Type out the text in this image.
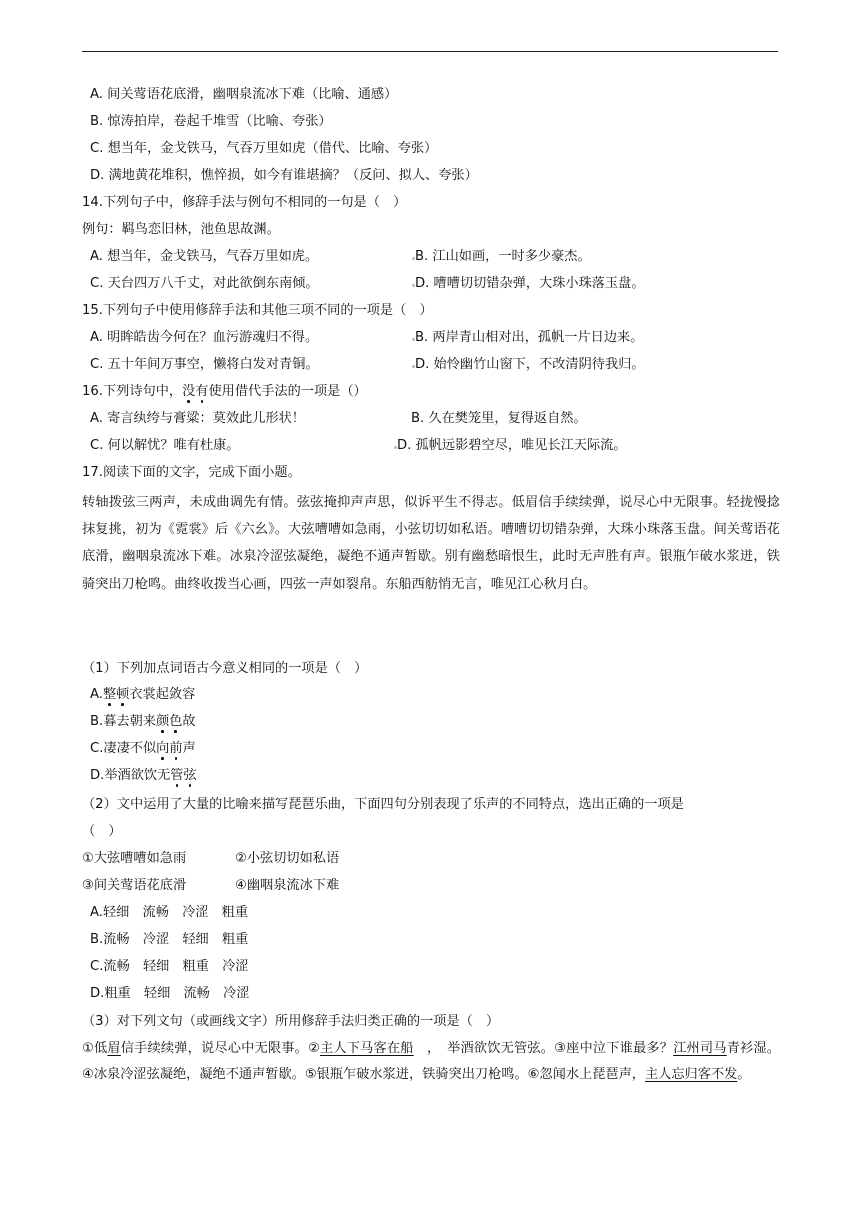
A. 间关莺语花底滑，幽咽泉流冰下难（比喻、通感）
B. 惊涛拍岸，卷起千堆雪（比喻、夸张）
C. 想当年，金戈铁马，气吞万里如虎（借代、比喻、夸张）
D. 满地黄花堆积，憔悴损，如今有谁堪摘？（反问、拟人、夸张）
14.下列句子中，修辞手法与例句不相同的一句是（　）
例句：羁鸟恋旧林，池鱼思故渊。
A. 想当年，金戈铁马，气吞万里如虎。	B. 江山如画，一时多少豪杰。
C. 天台四万八千丈，对此欲倒东南倾。	D. 嘈嘈切切错杂弹，大珠小珠落玉盘。
15.下列句子中使用修辞手法和其他三项不同的一项是（　）
A. 明眸皓齿今何在？血污游魂归不得。	B. 两岸青山相对出，孤帆一片日边来。
C. 五十年间万事空，懒将白发对青铜。	D. 始怜幽竹山窗下，不改清阴待我归。
16.下列诗句中，没有使用借代手法的一项是（）
A. 寄言纨绔与膏粱：莫效此儿形状！	B. 久在樊笼里，复得返自然。
C. 何以解忧？唯有杜康。	D. 孤帆远影碧空尽，唯见长江天际流。
17.阅读下面的文字，完成下面小题。

转轴拨弦三两声，未成曲调先有情。弦弦掩抑声声思，似诉平生不得志。低眉信手续续弹，说尽心中无限事。轻拢慢捻抹复挑，初为《霓裳》后《六幺》。大弦嘈嘈如急雨，小弦切切如私语。嘈嘈切切错杂弹，大珠小珠落玉盘。间关莺语花底滑，幽咽泉流冰下难。冰泉冷涩弦凝绝，凝绝不通声暂歇。别有幽愁暗恨生，此时无声胜有声。银瓶乍破水浆迸，铁骑突出刀枪鸣。曲终收拨当心画，四弦一声如裂帛。东船西舫悄无言，唯见江心秋月白。

（1）下列加点词语古今意义相同的一项是（　）
A.整顿衣裳起敛容
B.暮去朝来颜色故
C.凄凄不似向前声
D.举酒欲饮无管弦
（2）文中运用了大量的比喻来描写琵琶乐曲，下面四句分别表现了乐声的不同特点，选出正确的一项是
（　）
①大弦嘈嘈如急雨	②小弦切切如私语
③间关莺语花底滑	④幽咽泉流冰下难
A.轻细　流畅　冷涩　粗重
B.流畅　冷涩　轻细　粗重
C.流畅　轻细　粗重　冷涩
D.粗重　轻细　流畅　冷涩
（3）对下列文句（或画线文字）所用修辞手法归类正确的一项是（　）

①低眉信手续续弹，说尽心中无限事。②主人下马客在船　，　举酒欲饮无管弦。③座中泣下谁最多？江州司马青衫湿。④冰泉冷涩弦凝绝，凝绝不通声暂歇。⑤银瓶乍破水浆迸，铁骑突出刀枪鸣。⑥忽闻水上琵琶声，主人忘归客不发。
